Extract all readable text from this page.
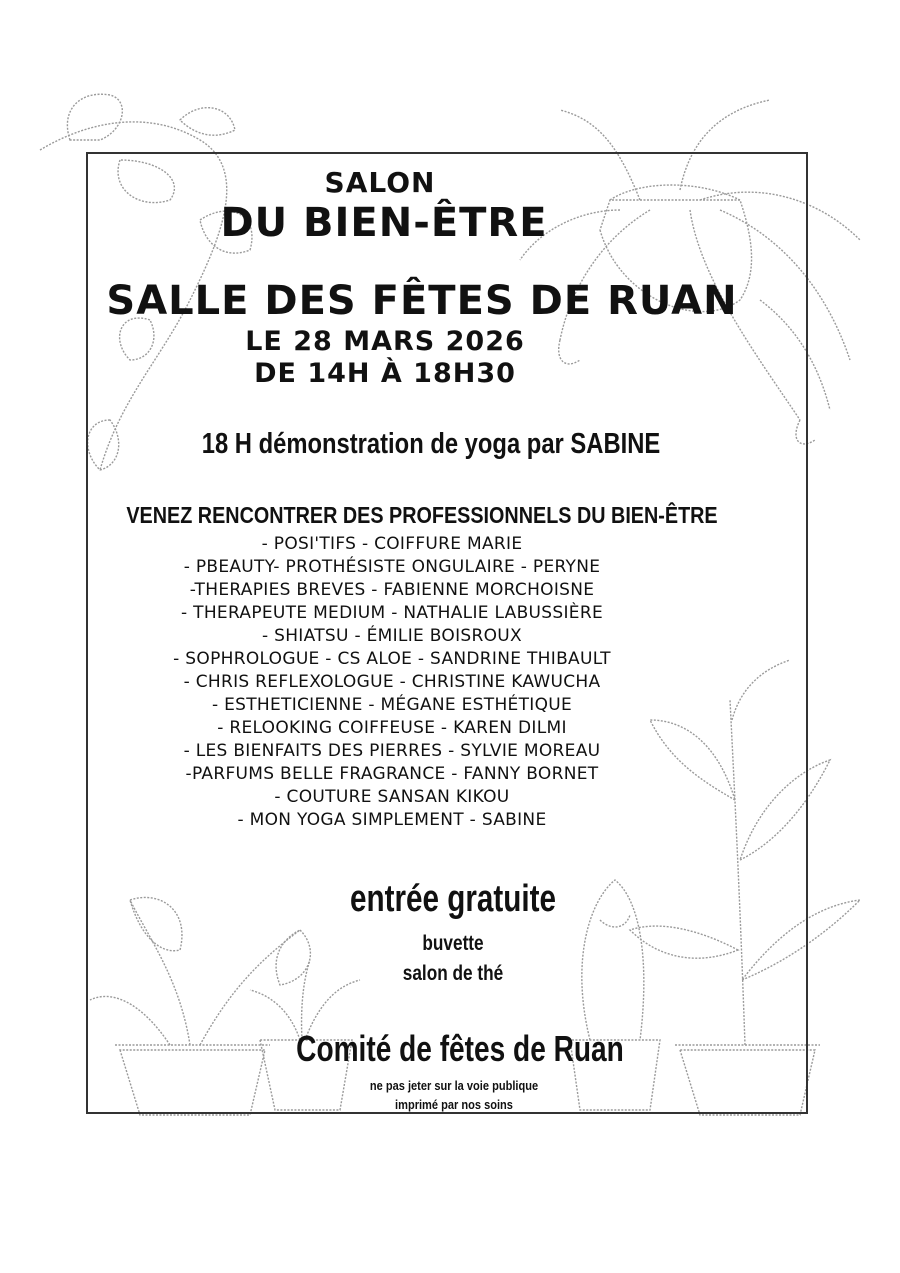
SALON
DU BIEN-ÊTRE
SALLE DES FÊTES DE RUAN
LE 28 MARS 2026
DE 14H À 18H30
18 H démonstration de yoga par SABINE
VENEZ RENCONTRER DES PROFESSIONNELS DU BIEN-ÊTRE
- POSI'TIFS - COIFFURE MARIE
- PBEAUTY- PROTHÉSISTE ONGULAIRE - PERYNE
-THERAPIES BREVES - FABIENNE MORCHOISNE
- THERAPEUTE MEDIUM - NATHALIE LABUSSIÈRE
- SHIATSU - ÉMILIE BOISROUX
- SOPHROLOGUE - CS ALOE - SANDRINE THIBAULT
- CHRIS REFLEXOLOGUE - CHRISTINE KAWUCHA
- ESTHETICIENNE - MÉGANE ESTHÉTIQUE
- RELOOKING COIFFEUSE - KAREN DILMI
- LES BIENFAITS DES PIERRES - SYLVIE MOREAU
-PARFUMS BELLE FRAGRANCE - FANNY BORNET
- COUTURE SANSAN KIKOU
- MON YOGA SIMPLEMENT - SABINE
entrée gratuite
buvette
salon de thé
Comité de fêtes de Ruan
ne pas jeter sur la voie publique
imprimé par nos soins
